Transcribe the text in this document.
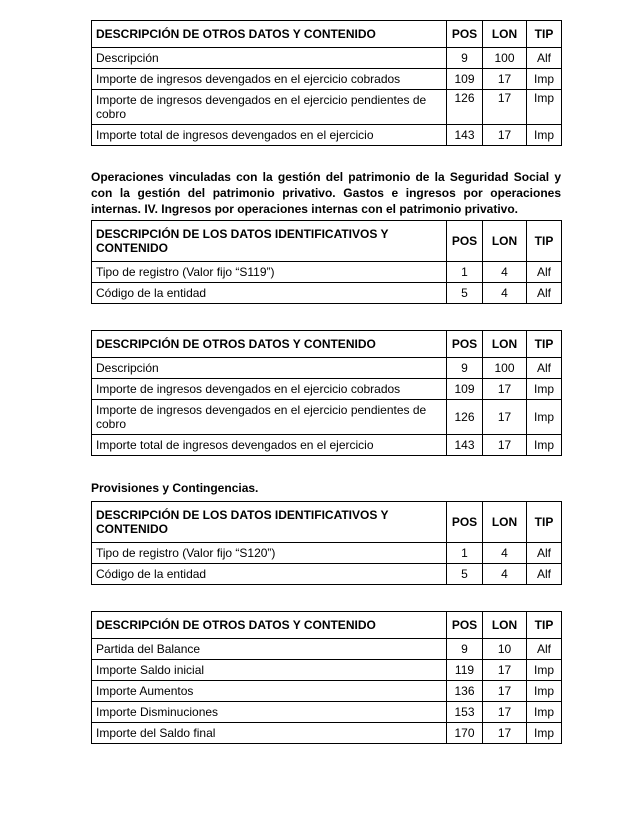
DESCRIPCIÓN DE OTROS DATOS Y CONTENIDO	POS	LON	TIP
Descripción	9	100	Alf
Importe de ingresos devengados en el ejercicio cobrados	109	17	Imp
Importe de ingresos devengados en el ejercicio pendientes de cobro	126	17	Imp
Importe total de ingresos devengados en el ejercicio	143	17	Imp

Operaciones vinculadas con la gestión del patrimonio de la Seguridad Social y con la gestión del patrimonio privativo. Gastos e ingresos por operaciones internas. IV. Ingresos por operaciones internas con el patrimonio privativo.

DESCRIPCIÓN DE LOS DATOS IDENTIFICATIVOS Y CONTENIDO	POS	LON	TIP
Tipo de registro (Valor fijo “S119”)	1	4	Alf
Código de la entidad	5	4	Alf
DESCRIPCIÓN DE OTROS DATOS Y CONTENIDO	POS	LON	TIP
Descripción	9	100	Alf
Importe de ingresos devengados en el ejercicio cobrados	109	17	Imp
Importe de ingresos devengados en el ejercicio pendientes de cobro	126	17	Imp
Importe total de ingresos devengados en el ejercicio	143	17	Imp

Provisiones y Contingencias.

DESCRIPCIÓN DE LOS DATOS IDENTIFICATIVOS Y CONTENIDO	POS	LON	TIP
Tipo de registro (Valor fijo “S120”)	1	4	Alf
Código de la entidad	5	4	Alf
DESCRIPCIÓN DE OTROS DATOS Y CONTENIDO	POS	LON	TIP
Partida del Balance	9	10	Alf
Importe Saldo inicial	119	17	Imp
Importe Aumentos	136	17	Imp
Importe Disminuciones	153	17	Imp
Importe del Saldo final	170	17	Imp
